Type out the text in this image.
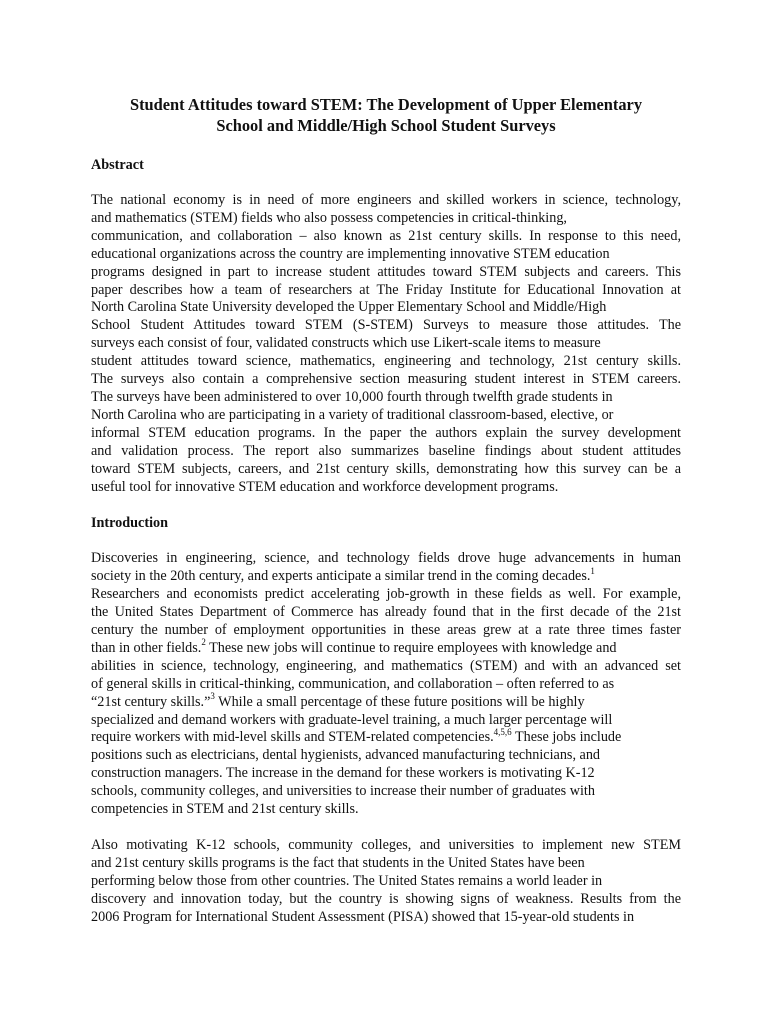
Student Attitudes toward STEM: The Development of Upper Elementary
School and Middle/High School Student Surveys
Abstract
The national economy is in need of more engineers and skilled workers in science, technology,
and mathematics (STEM) fields who also possess competencies in critical-thinking,
communication, and collaboration – also known as 21st century skills. In response to this need,
educational organizations across the country are implementing innovative STEM education
programs designed in part to increase student attitudes toward STEM subjects and careers. This
paper describes how a team of researchers at The Friday Institute for Educational Innovation at
North Carolina State University developed the Upper Elementary School and Middle/High
School Student Attitudes toward STEM (S-STEM) Surveys to measure those attitudes. The
surveys each consist of four, validated constructs which use Likert-scale items to measure
student attitudes toward science, mathematics, engineering and technology, 21st century skills.
The surveys also contain a comprehensive section measuring student interest in STEM careers.
The surveys have been administered to over 10,000 fourth through twelfth grade students in
North Carolina who are participating in a variety of traditional classroom-based, elective, or
informal STEM education programs. In the paper the authors explain the survey development
and validation process. The report also summarizes baseline findings about student attitudes
toward STEM subjects, careers, and 21st century skills, demonstrating how this survey can be a
useful tool for innovative STEM education and workforce development programs.
Introduction
Discoveries in engineering, science, and technology fields drove huge advancements in human
society in the 20th century, and experts anticipate a similar trend in the coming decades.$^1$
Researchers and economists predict accelerating job-growth in these fields as well. For example,
the United States Department of Commerce has already found that in the first decade of the 21st
century the number of employment opportunities in these areas grew at a rate three times faster
than in other fields.$^2$ These new jobs will continue to require employees with knowledge and
abilities in science, technology, engineering, and mathematics (STEM) and with an advanced set
of general skills in critical-thinking, communication, and collaboration – often referred to as
“21st century skills.”$^3$ While a small percentage of these future positions will be highly
specialized and demand workers with graduate-level training, a much larger percentage will
require workers with mid-level skills and STEM-related competencies.$^{4,5,6}$ These jobs include
positions such as electricians, dental hygienists, advanced manufacturing technicians, and
construction managers. The increase in the demand for these workers is motivating K-12
schools, community colleges, and universities to increase their number of graduates with
competencies in STEM and 21st century skills.
Also motivating K-12 schools, community colleges, and universities to implement new STEM
and 21st century skills programs is the fact that students in the United States have been
performing below those from other countries. The United States remains a world leader in
discovery and innovation today, but the country is showing signs of weakness. Results from the
2006 Program for International Student Assessment (PISA) showed that 15-year-old students in
